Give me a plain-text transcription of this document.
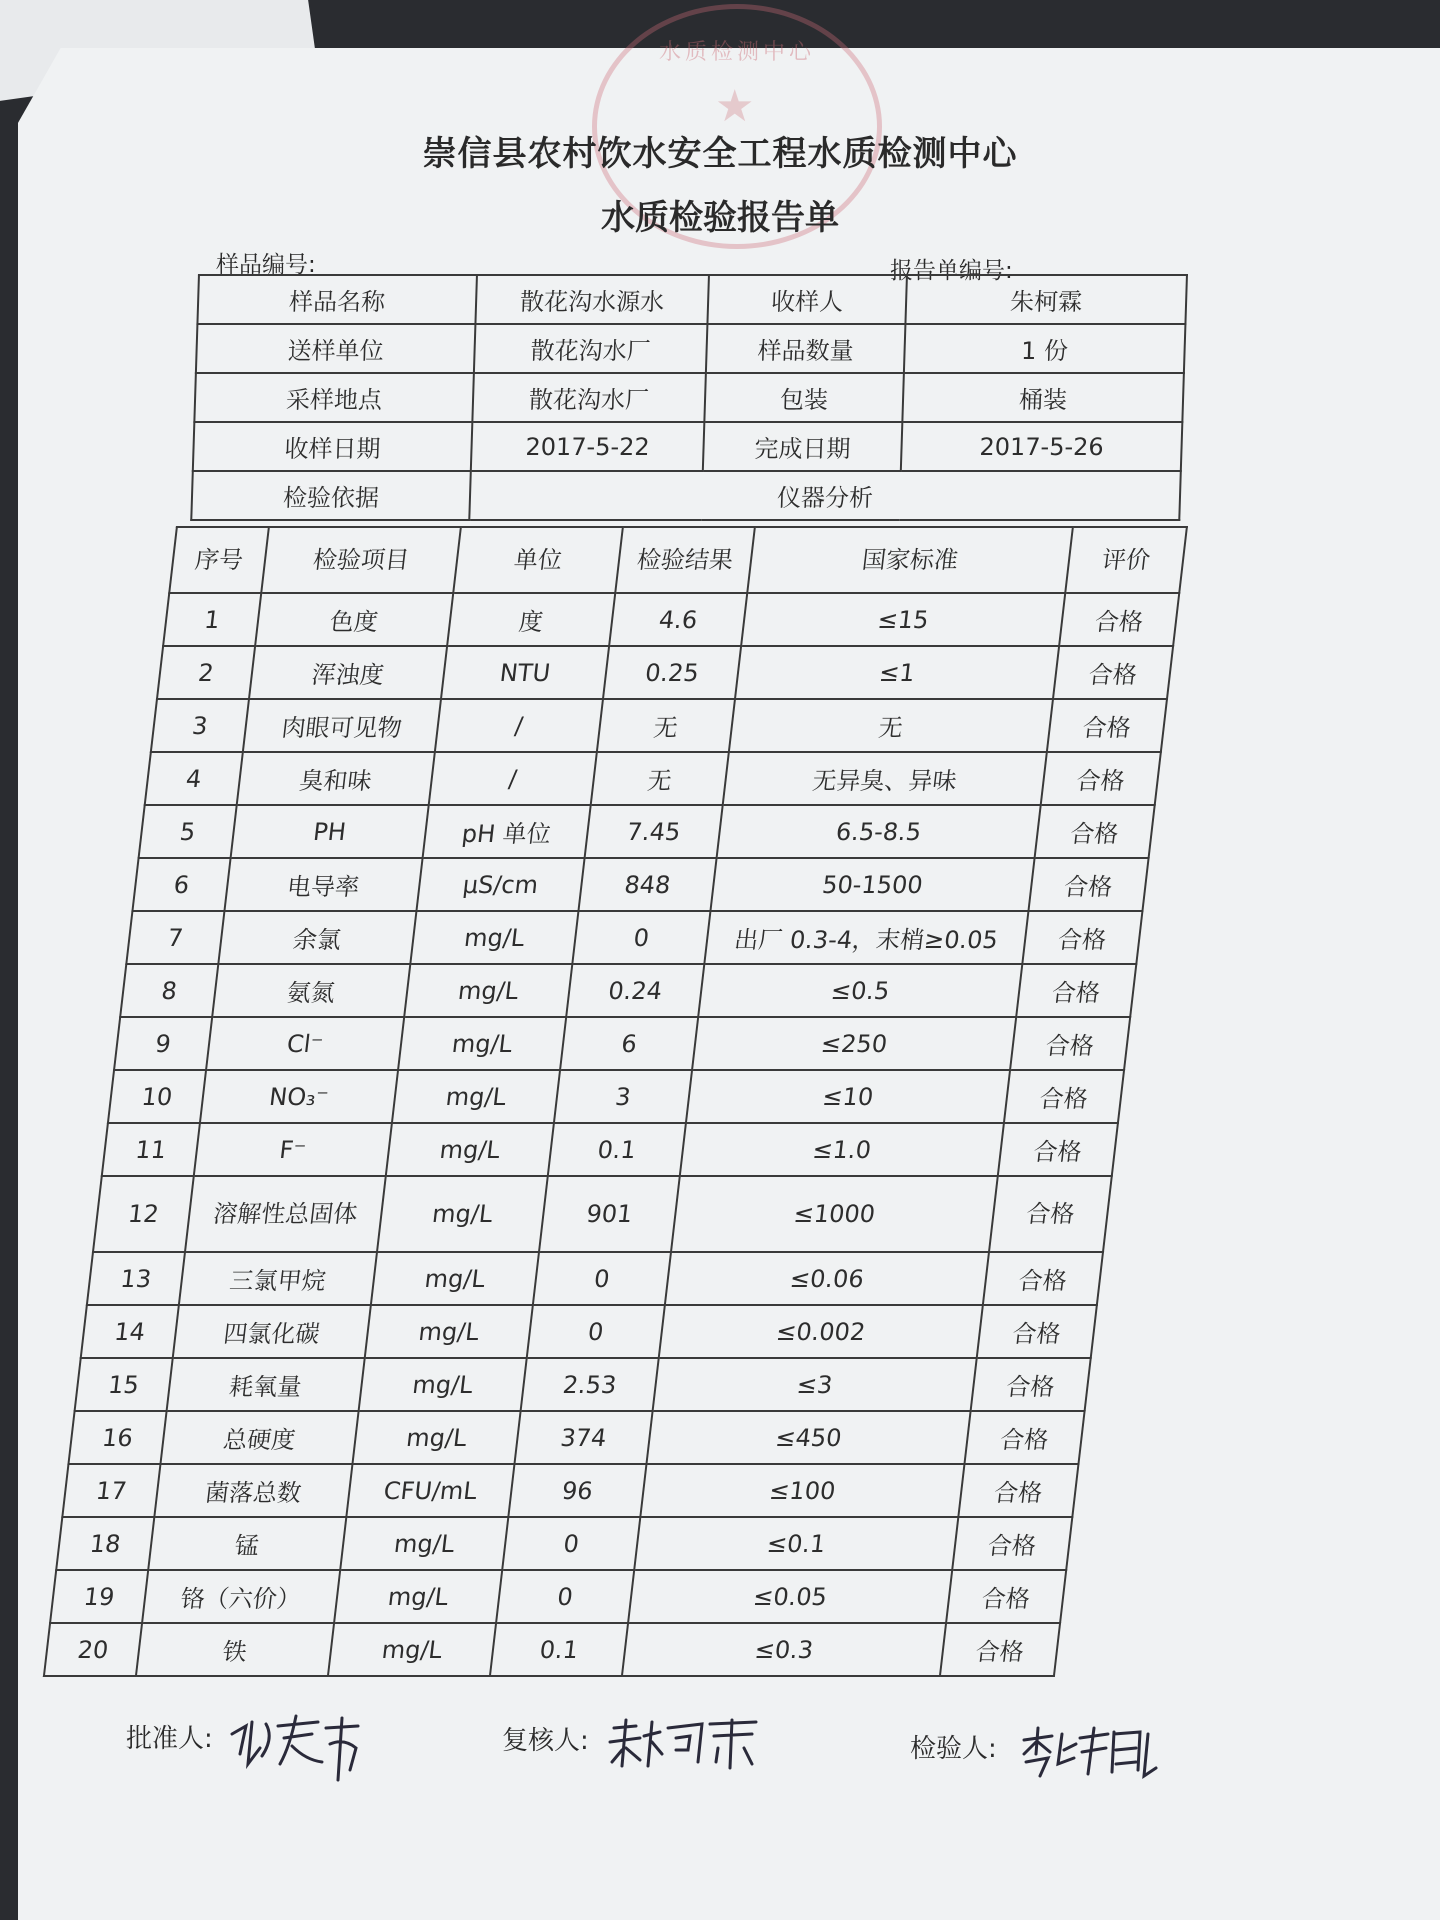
水质检测中心
★
崇信县农村饮水安全工程水质检测中心
水质检验报告单
样品编号:	报告单编号:
样品名称	散花沟水源水	收样人	朱柯霖
送样单位	散花沟水厂	样品数量	1 份
采样地点	散花沟水厂	包装	桶装
收样日期	2017-5-22	完成日期	2017-5-26
检验依据	仪器分析		
序号	检验项目	单位	检验结果	国家标准	评价
1	色度	度	4.6	≤15	合格
2	浑浊度	NTU	0.25	≤1	合格
3	肉眼可见物	/	无	无	合格
4	臭和味	/	无	无异臭、异味	合格
5	PH	pH 单位	7.45	6.5-8.5	合格
6	电导率	μS/cm	848	50-1500	合格
7	余氯	mg/L	0	出厂 0.3-4，末梢≥0.05	合格
8	氨氮	mg/L	0.24	≤0.5	合格
9	Cl⁻	mg/L	6	≤250	合格
10	NO₃⁻	mg/L	3	≤10	合格
11	F⁻	mg/L	0.1	≤1.0	合格
12	溶解性总固体	mg/L	901	≤1000	合格
13	三氯甲烷	mg/L	0	≤0.06	合格
14	四氯化碳	mg/L	0	≤0.002	合格
15	耗氧量	mg/L	2.53	≤3	合格
16	总硬度	mg/L	374	≤450	合格
17	菌落总数	CFU/mL	96	≤100	合格
18	锰	mg/L	0	≤0.1	合格
19	铬（六价）	mg/L	0	≤0.05	合格
20	铁	mg/L	0.1	≤0.3	合格
批准人:	复核人:	检验人:
